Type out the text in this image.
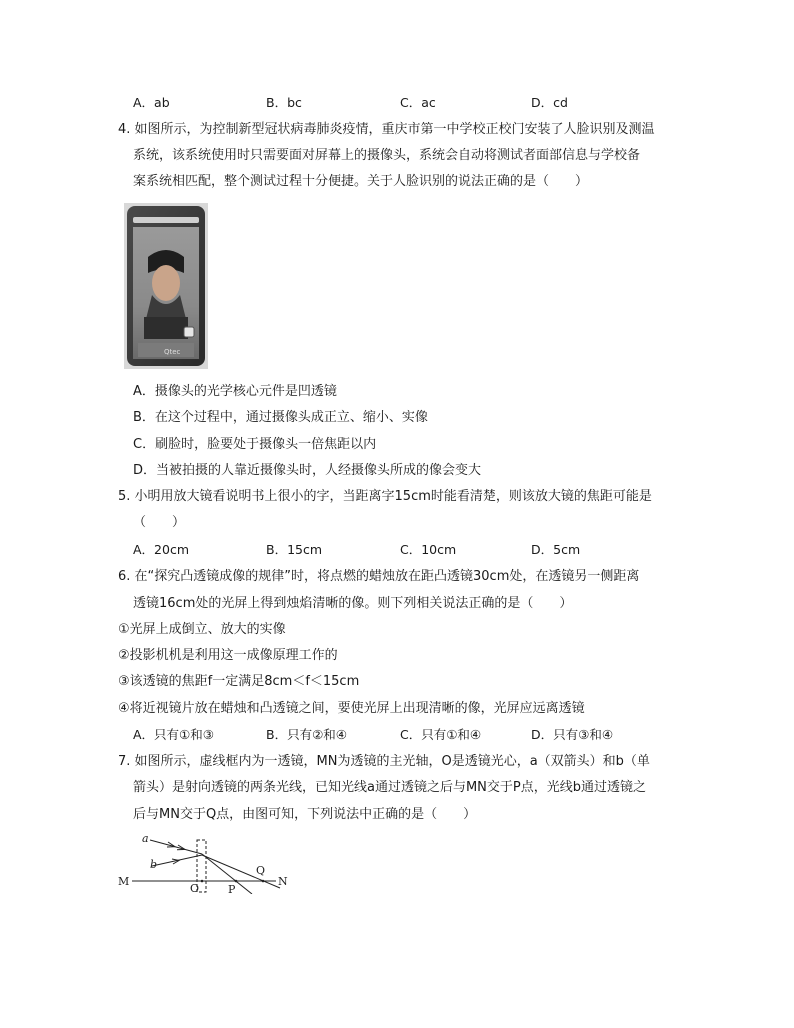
A．ab	B．bc	C．ac	D．cd
4. 如图所示，为控制新型冠状病毒肺炎疫情，重庆市第一中学校正校门安装了人脸识别及测温
系统，该系统使用时只需要面对屏幕上的摄像头，系统会自动将测试者面部信息与学校备
案系统相匹配，整个测试过程十分便捷。关于人脸识别的说法正确的是（　　）
Qtec
A．摄像头的光学核心元件是凹透镜
B．在这个过程中，通过摄像头成正立、缩小、实像
C．刷脸时，脸要处于摄像头一倍焦距以内
D．当被拍摄的人靠近摄像头时，人经摄像头所成的像会变大
5. 小明用放大镜看说明书上很小的字，当距离字15cm时能看清楚，则该放大镜的焦距可能是
（　　）
A．20cm	B．15cm	C．10cm	D．5cm
6. 在“探究凸透镜成像的规律”时，将点燃的蜡烛放在距凸透镜30cm处，在透镜另一侧距离
透镜16cm处的光屏上得到烛焰清晰的像。则下列相关说法正确的是（　　）
①光屏上成倒立、放大的实像
②投影机机是利用这一成像原理工作的
③该透镜的焦距f一定满足8cm＜f＜15cm
④将近视镜片放在蜡烛和凸透镜之间，要使光屏上出现清晰的像，光屏应远离透镜
A．只有①和③	B．只有②和④	C．只有①和④	D．只有③和④
7. 如图所示，虚线框内为一透镜，MN为透镜的主光轴，O是透镜光心，a（双箭头）和b（单
箭头）是射向透镜的两条光线，已知光线a通过透镜之后与MN交于P点，光线b通过透镜之
后与MN交于Q点，由图可知，下列说法中正确的是（　　）
a
b
M	N
O	P
Q
